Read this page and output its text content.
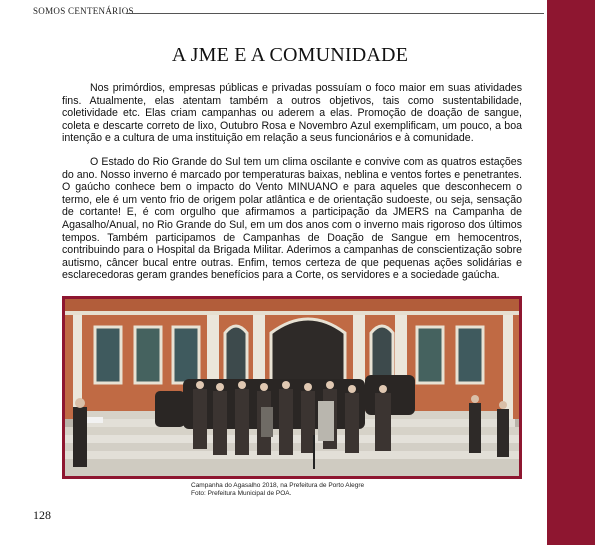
SOMOS CENTENÁRIOS
A JME E A COMUNIDADE

Nos primórdios, empresas públicas e privadas possuíam o foco maior em suas atividades fins. Atualmente, elas atentam também a outros objetivos, tais como sustentabilidade, coletividade etc. Elas criam campanhas ou aderem a elas. Promoção de doação de sangue, coleta e descarte correto de lixo, Outubro Rosa e Novembro Azul exemplificam, um pouco, a boa intenção e a cultura de uma instituição em relação a seus funcionários e à comunidade.

O Estado do Rio Grande do Sul tem um clima oscilante e convive com as quatros estações do ano. Nosso inverno é marcado por temperaturas baixas, neblina e ventos fortes e penetrantes. O gaúcho conhece bem o impacto do Vento MINUANO e para aqueles que desconhecem o termo, ele é um vento frio de origem polar atlântica e de orientação sudoeste, ou seja, sensação de cortante! E, é com orgulho que afirmamos a participação da JMERS na Campanha de Agasalho/Anual, no Rio Grande do Sul, em um dos anos com o inverno mais rigoroso dos últimos tempos. Também participamos de Campanhas de Doação de Sangue em hemocentros, contribuindo para o Hospital da Brigada Militar. Aderimos a campanhas de conscientização sobre autismo, câncer bucal entre outras. Enfim, temos certeza de que pequenas ações solidárias e esclarecedoras geram grandes benefícios para a Corte, os servidores e a sociedade gaúcha.

Campanha do Agasalho 2018, na Prefeitura de Porto Alegre
Foto: Prefeitura Municipal de POA.
128
